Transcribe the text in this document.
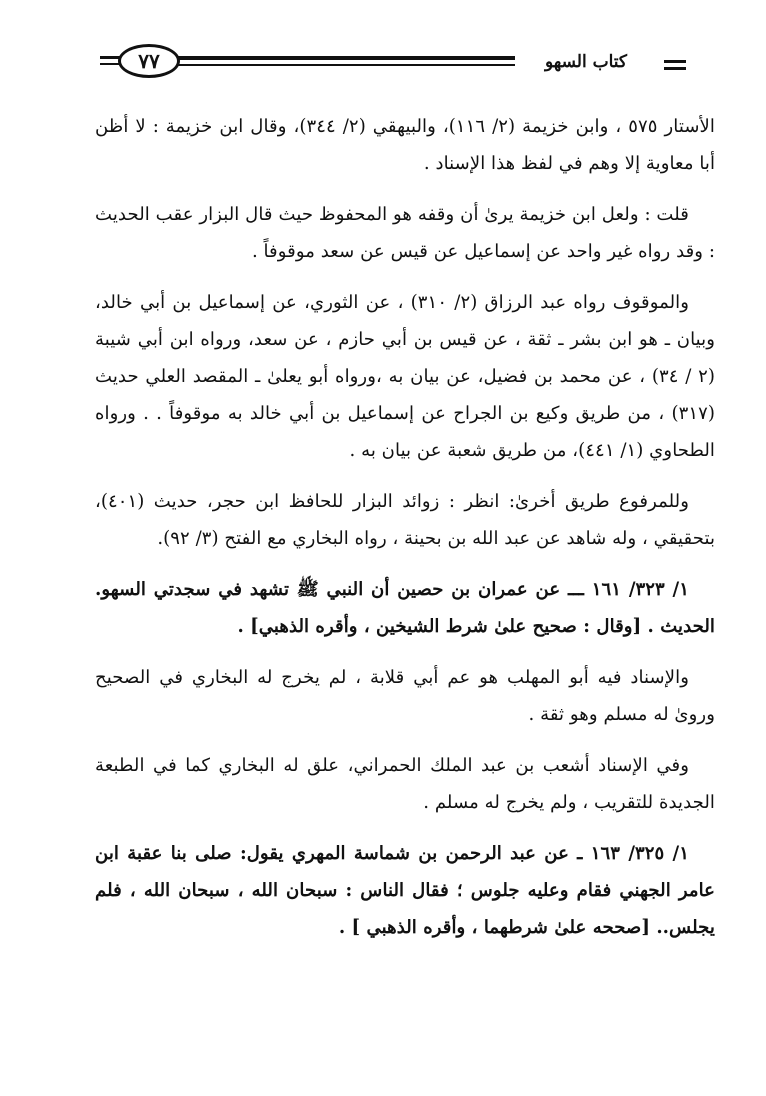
٧٧	كتاب السهو

الأستار ٥٧٥ ، وابن خزيمة (٢/ ١١٦)، والبيهقي (٢/ ٣٤٤)، وقال ابن خزيمة : لا أظن أبا معاوية إلا وهم في لفظ هذا الإسناد .

قلت : ولعل ابن خزيمة يرىٰ أن وقفه هو المحفوظ حيث قال البزار عقب الحديث : وقد رواه غير واحد عن إسماعيل عن قيس عن سعد موقوفاً .

والموقوف رواه عبد الرزاق (٢/ ٣١٠) ، عن الثوري، عن إسماعيل بن أبي خالد، وبيان ـ هو ابن بشر ـ ثقة ، عن قيس بن أبي حازم ، عن سعد، ورواه ابن أبي شيبة (٢ / ٣٤) ، عن محمد بن فضيل، عن بيان به ،ورواه أبو يعلىٰ ـ المقصد العلي حديث (٣١٧) ، من طريق وكيع بن الجراح عن إسماعيل بن أبي خالد به موقوفاً . . ورواه الطحاوي (١/ ٤٤١)، من طريق شعبة عن بيان به .

وللمرفوع طريق أخرىٰ: انظر : زوائد البزار للحافظ ابن حجر، حديث (٤٠١)، بتحقيقي ، وله شاهد عن عبد الله بن بحينة ، رواه البخاري مع الفتح (٣/ ٩٢).

١/ ٣٢٣/ ١٦١ ـــ عن عمران بن حصين أن النبي ﷺ تشهد في سجدتي السهو. الحديث . [وقال : صحيح علىٰ شرط الشيخين ، وأقره الذهبي] .

والإسناد فيه أبو المهلب هو عم أبي قلابة ، لم يخرج له البخاري في الصحيح وروىٰ له مسلم وهو ثقة .

وفي الإسناد أشعب بن عبد الملك الحمراني، علق له البخاري كما في الطبعة الجديدة للتقريب ، ولم يخرج له مسلم .

١/ ٣٢٥/ ١٦٣ ـ عن عبد الرحمن بن شماسة المهري يقول: صلى بنا عقبة ابن عامر الجهني فقام وعليه جلوس ؛ فقال الناس : سبحان الله ، سبحان الله ، فلم يجلس.. [صححه علىٰ شرطهما ، وأقره الذهبي ] .
